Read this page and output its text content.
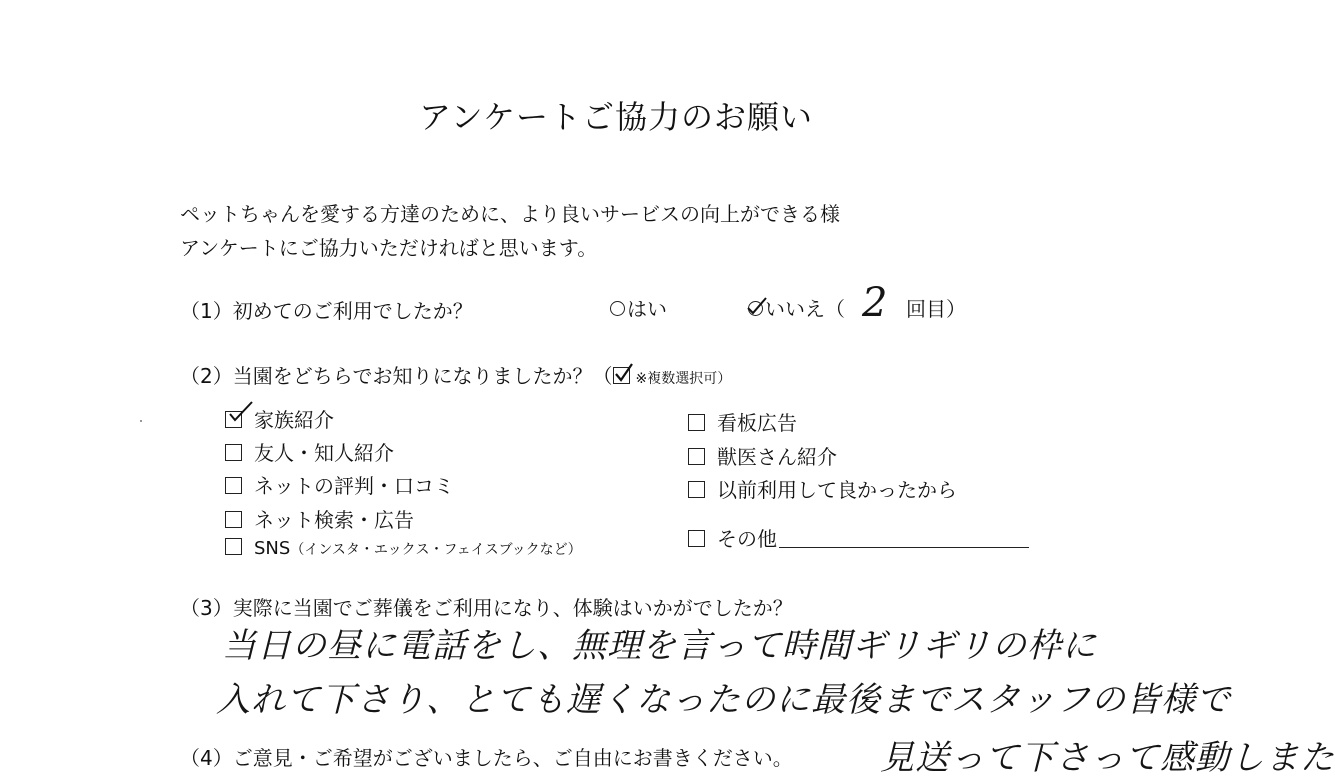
アンケートご協力のお願い
ペットちゃんを愛する方達のために、より良いサービスの向上ができる様
アンケートにご協力いただければと思います。
（1）初めてのご利用でしたか？	はい	いいえ（ 2 回目）
（2）当園をどちらでお知りになりましたか？（ ※複数選択可）
家族紹介
友人・知人紹介
ネットの評判・口コミ
ネット検索・広告
SNS（インスタ・エックス・フェイスブックなど）
看板広告
獣医さん紹介
以前利用して良かったから
その他
（3）実際に当園でご葬儀をご利用になり、体験はいかがでしたか？
当日の昼に電話をし、無理を言って時間ギリギリの枠に
入れて下さり、とても遅くなったのに最後までスタッフの皆様で
（4）ご意見・ご希望がございましたら、ご自由にお書きください。	見送って下さって感動しまた
